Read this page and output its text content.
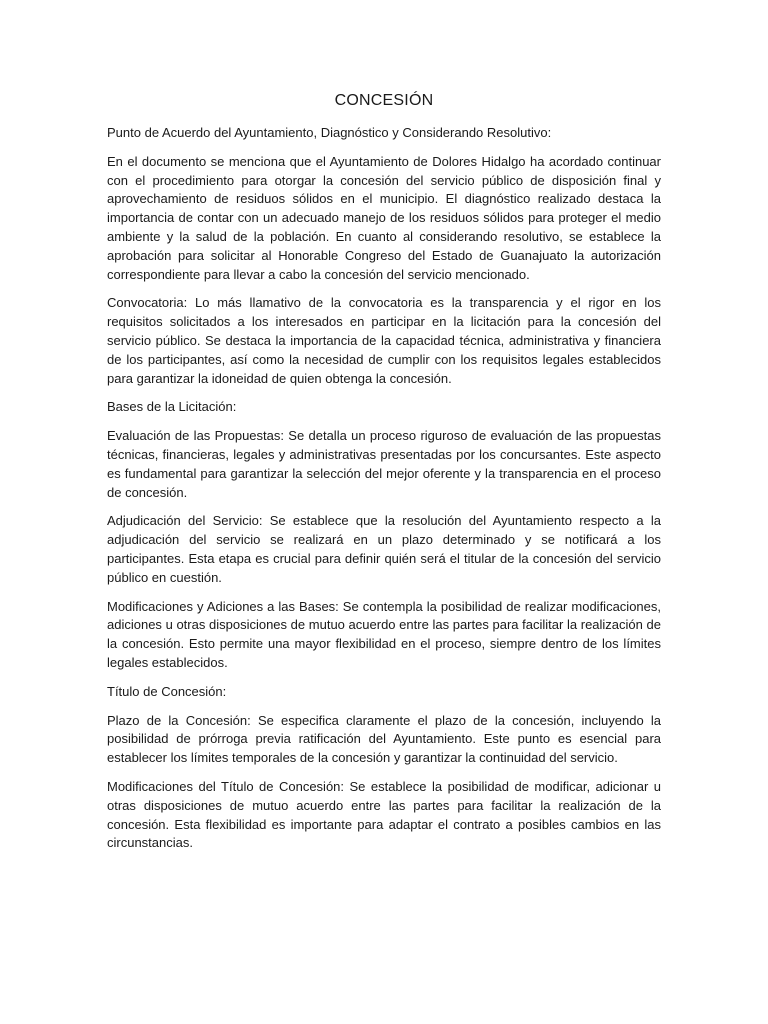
CONCESIÓN

Punto de Acuerdo del Ayuntamiento, Diagnóstico y Considerando Resolutivo:

En el documento se menciona que el Ayuntamiento de Dolores Hidalgo ha acordado continuar con el procedimiento para otorgar la concesión del servicio público de disposición final y aprovechamiento de residuos sólidos en el municipio. El diagnóstico realizado destaca la importancia de contar con un adecuado manejo de los residuos sólidos para proteger el medio ambiente y la salud de la población. En cuanto al considerando resolutivo, se establece la aprobación para solicitar al Honorable Congreso del Estado de Guanajuato la autorización correspondiente para llevar a cabo la concesión del servicio mencionado.

Convocatoria: Lo más llamativo de la convocatoria es la transparencia y el rigor en los requisitos solicitados a los interesados en participar en la licitación para la concesión del servicio público. Se destaca la importancia de la capacidad técnica, administrativa y financiera de los participantes, así como la necesidad de cumplir con los requisitos legales establecidos para garantizar la idoneidad de quien obtenga la concesión.

Bases de la Licitación:

Evaluación de las Propuestas: Se detalla un proceso riguroso de evaluación de las propuestas técnicas, financieras, legales y administrativas presentadas por los concursantes. Este aspecto es fundamental para garantizar la selección del mejor oferente y la transparencia en el proceso de concesión.

Adjudicación del Servicio: Se establece que la resolución del Ayuntamiento respecto a la adjudicación del servicio se realizará en un plazo determinado y se notificará a los participantes. Esta etapa es crucial para definir quién será el titular de la concesión del servicio público en cuestión.

Modificaciones y Adiciones a las Bases: Se contempla la posibilidad de realizar modificaciones, adiciones u otras disposiciones de mutuo acuerdo entre las partes para facilitar la realización de la concesión. Esto permite una mayor flexibilidad en el proceso, siempre dentro de los límites legales establecidos.

Título de Concesión:

Plazo de la Concesión: Se especifica claramente el plazo de la concesión, incluyendo la posibilidad de prórroga previa ratificación del Ayuntamiento. Este punto es esencial para establecer los límites temporales de la concesión y garantizar la continuidad del servicio.

Modificaciones del Título de Concesión: Se establece la posibilidad de modificar, adicionar u otras disposiciones de mutuo acuerdo entre las partes para facilitar la realización de la concesión. Esta flexibilidad es importante para adaptar el contrato a posibles cambios en las circunstancias.
